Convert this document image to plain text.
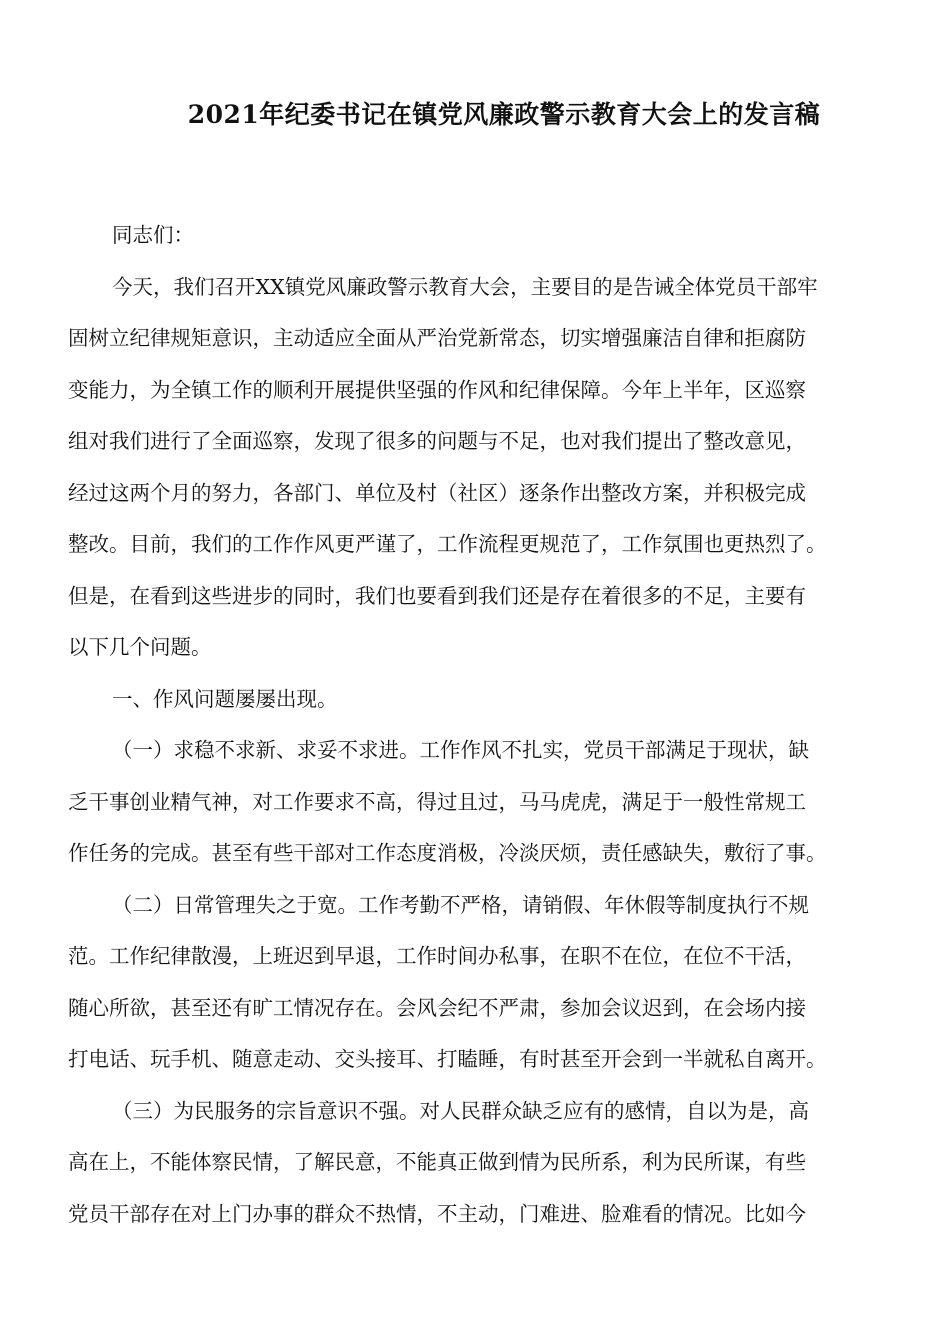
2021年纪委书记在镇党风廉政警示教育大会上的发言稿
同志们：
今天，我们召开XX镇党风廉政警示教育大会，主要目的是告诫全体党员干部牢
固树立纪律规矩意识，主动适应全面从严治党新常态，切实增强廉洁自律和拒腐防
变能力，为全镇工作的顺利开展提供坚强的作风和纪律保障。今年上半年，区巡察
组对我们进行了全面巡察，发现了很多的问题与不足，也对我们提出了整改意见，
经过这两个月的努力，各部门、单位及村（社区）逐条作出整改方案，并积极完成
整改。目前，我们的工作作风更严谨了，工作流程更规范了，工作氛围也更热烈了。
但是，在看到这些进步的同时，我们也要看到我们还是存在着很多的不足，主要有
以下几个问题。
一、作风问题屡屡出现。
（一）求稳不求新、求妥不求进。工作作风不扎实，党员干部满足于现状，缺
乏干事创业精气神，对工作要求不高，得过且过，马马虎虎，满足于一般性常规工
作任务的完成。甚至有些干部对工作态度消极，冷淡厌烦，责任感缺失，敷衍了事。
（二）日常管理失之于宽。工作考勤不严格，请销假、年休假等制度执行不规
范。工作纪律散漫，上班迟到早退，工作时间办私事，在职不在位，在位不干活，
随心所欲，甚至还有旷工情况存在。会风会纪不严肃，参加会议迟到，在会场内接
打电话、玩手机、随意走动、交头接耳、打瞌睡，有时甚至开会到一半就私自离开。
（三）为民服务的宗旨意识不强。对人民群众缺乏应有的感情，自以为是，高
高在上，不能体察民情，了解民意，不能真正做到情为民所系，利为民所谋，有些
党员干部存在对上门办事的群众不热情，不主动，门难进、脸难看的情况。比如今
